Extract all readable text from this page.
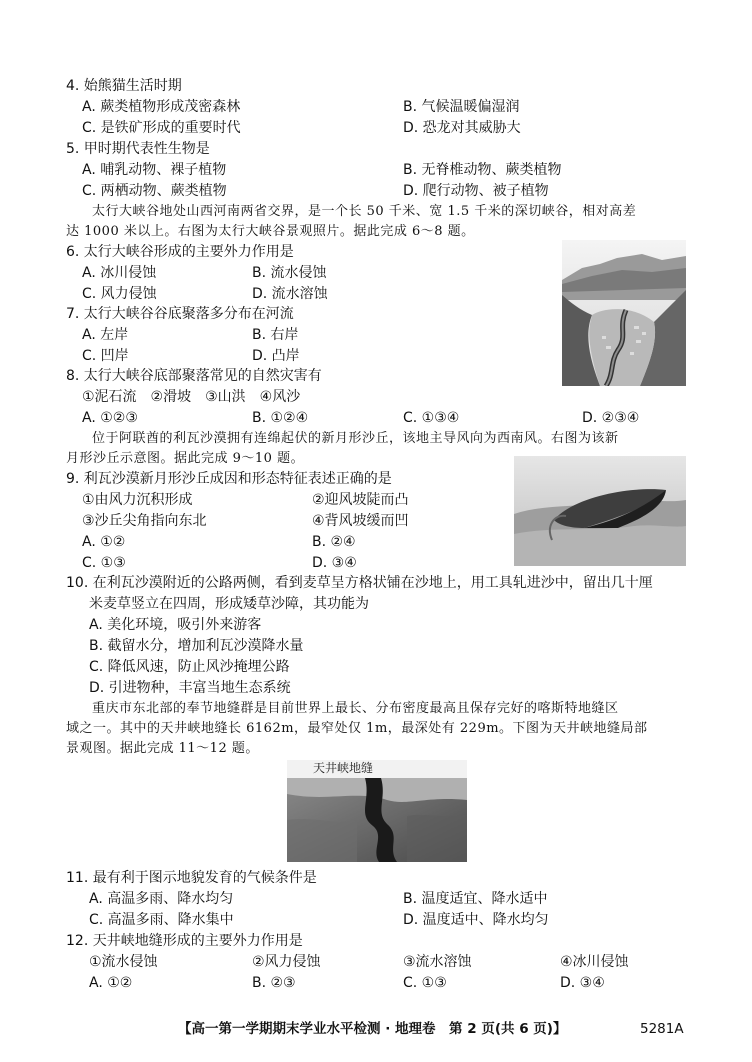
4. 始熊猫生活时期
A. 蕨类植物形成茂密森林	B. 气候温暖偏湿润
C. 是铁矿形成的重要时代	D. 恐龙对其威胁大
5. 甲时期代表性生物是
A. 哺乳动物、裸子植物	B. 无脊椎动物、蕨类植物
C. 两栖动物、蕨类植物	D. 爬行动物、被子植物
太行大峡谷地处山西河南两省交界，是一个长 50 千米、宽 1.5 千米的深切峡谷，相对高差
达 1000 米以上。右图为太行大峡谷景观照片。据此完成 6～8 题。
6. 太行大峡谷形成的主要外力作用是
A. 冰川侵蚀	B. 流水侵蚀
C. 风力侵蚀	D. 流水溶蚀
7. 太行大峡谷谷底聚落多分布在河流
A. 左岸	B. 右岸
C. 凹岸	D. 凸岸
8. 太行大峡谷底部聚落常见的自然灾害有
①泥石流　②滑坡　③山洪　④风沙
A. ①②③	B. ①②④	C. ①③④	D. ②③④
位于阿联酋的利瓦沙漠拥有连绵起伏的新月形沙丘，该地主导风向为西南风。右图为该新
月形沙丘示意图。据此完成 9～10 题。
9. 利瓦沙漠新月形沙丘成因和形态特征表述正确的是
①由风力沉积形成	②迎风坡陡而凸
③沙丘尖角指向东北	④背风坡缓而凹
A. ①②	B. ②④
C. ①③	D. ③④
10. 在利瓦沙漠附近的公路两侧，看到麦草呈方格状铺在沙地上，用工具轧进沙中，留出几十厘
米麦草竖立在四周，形成矮草沙障，其功能为
A. 美化环境，吸引外来游客
B. 截留水分，增加利瓦沙漠降水量
C. 降低风速，防止风沙掩埋公路
D. 引进物种，丰富当地生态系统
重庆市东北部的奉节地缝群是目前世界上最长、分布密度最高且保存完好的喀斯特地缝区
域之一。其中的天井峡地缝长 6162m，最窄处仅 1m，最深处有 229m。下图为天井峡地缝局部
景观图。据此完成 11～12 题。
天井峡地缝
11. 最有利于图示地貌发育的气候条件是
A. 高温多雨、降水均匀	B. 温度适宜、降水适中
C. 高温多雨、降水集中	D. 温度适中、降水均匀
12. 天井峡地缝形成的主要外力作用是
①流水侵蚀	②风力侵蚀	③流水溶蚀	④冰川侵蚀
A. ①②	B. ②③	C. ①③	D. ③④
【高一第一学期期末学业水平检测 · 地理卷　第 2 页(共 6 页)】	5281A
